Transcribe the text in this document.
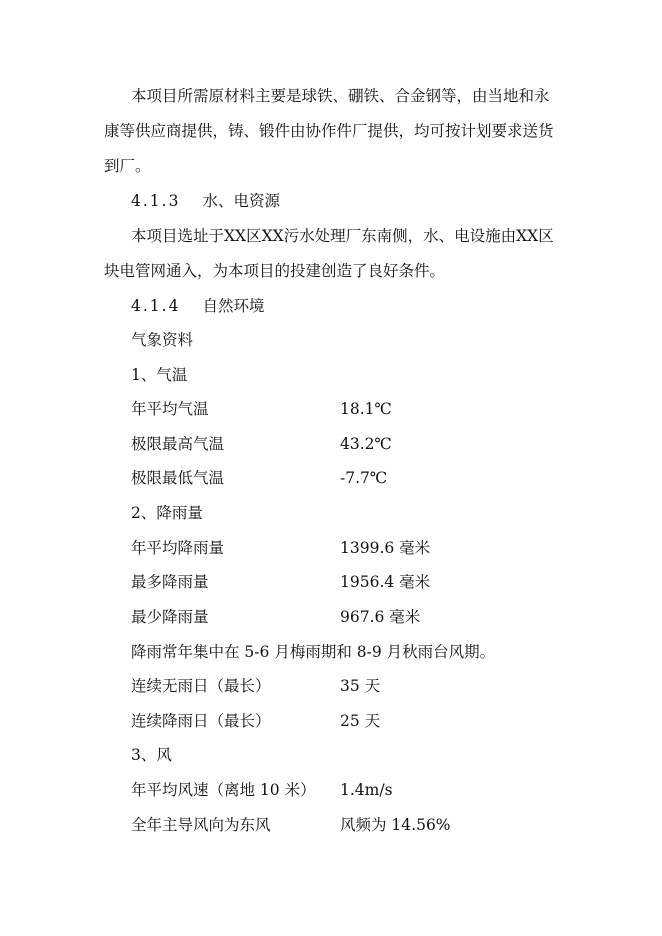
本项目所需原材料主要是球铁、硼铁、合金钢等，由当地和永
康等供应商提供，铸、锻件由协作件厂提供，均可按计划要求送货
到厂。
4.1.3 水、电资源
本项目选址于XX区XX污水处理厂东南侧，水、电设施由XX区
块电管网通入，为本项目的投建创造了良好条件。
4.1.4 自然环境
气象资料
1、气温
年平均气温	18.1℃
极限最高气温	43.2℃
极限最低气温	-7.7℃
2、降雨量
年平均降雨量	1399.6 毫米
最多降雨量	1956.4 毫米
最少降雨量	967.6 毫米
降雨常年集中在 5-6 月梅雨期和 8-9 月秋雨台风期。
连续无雨日（最长）	35 天
连续降雨日（最长）	25 天
3、风
年平均风速（离地 10 米） 1.4m/s
全年主导风向为东风	风频为 14.56%
